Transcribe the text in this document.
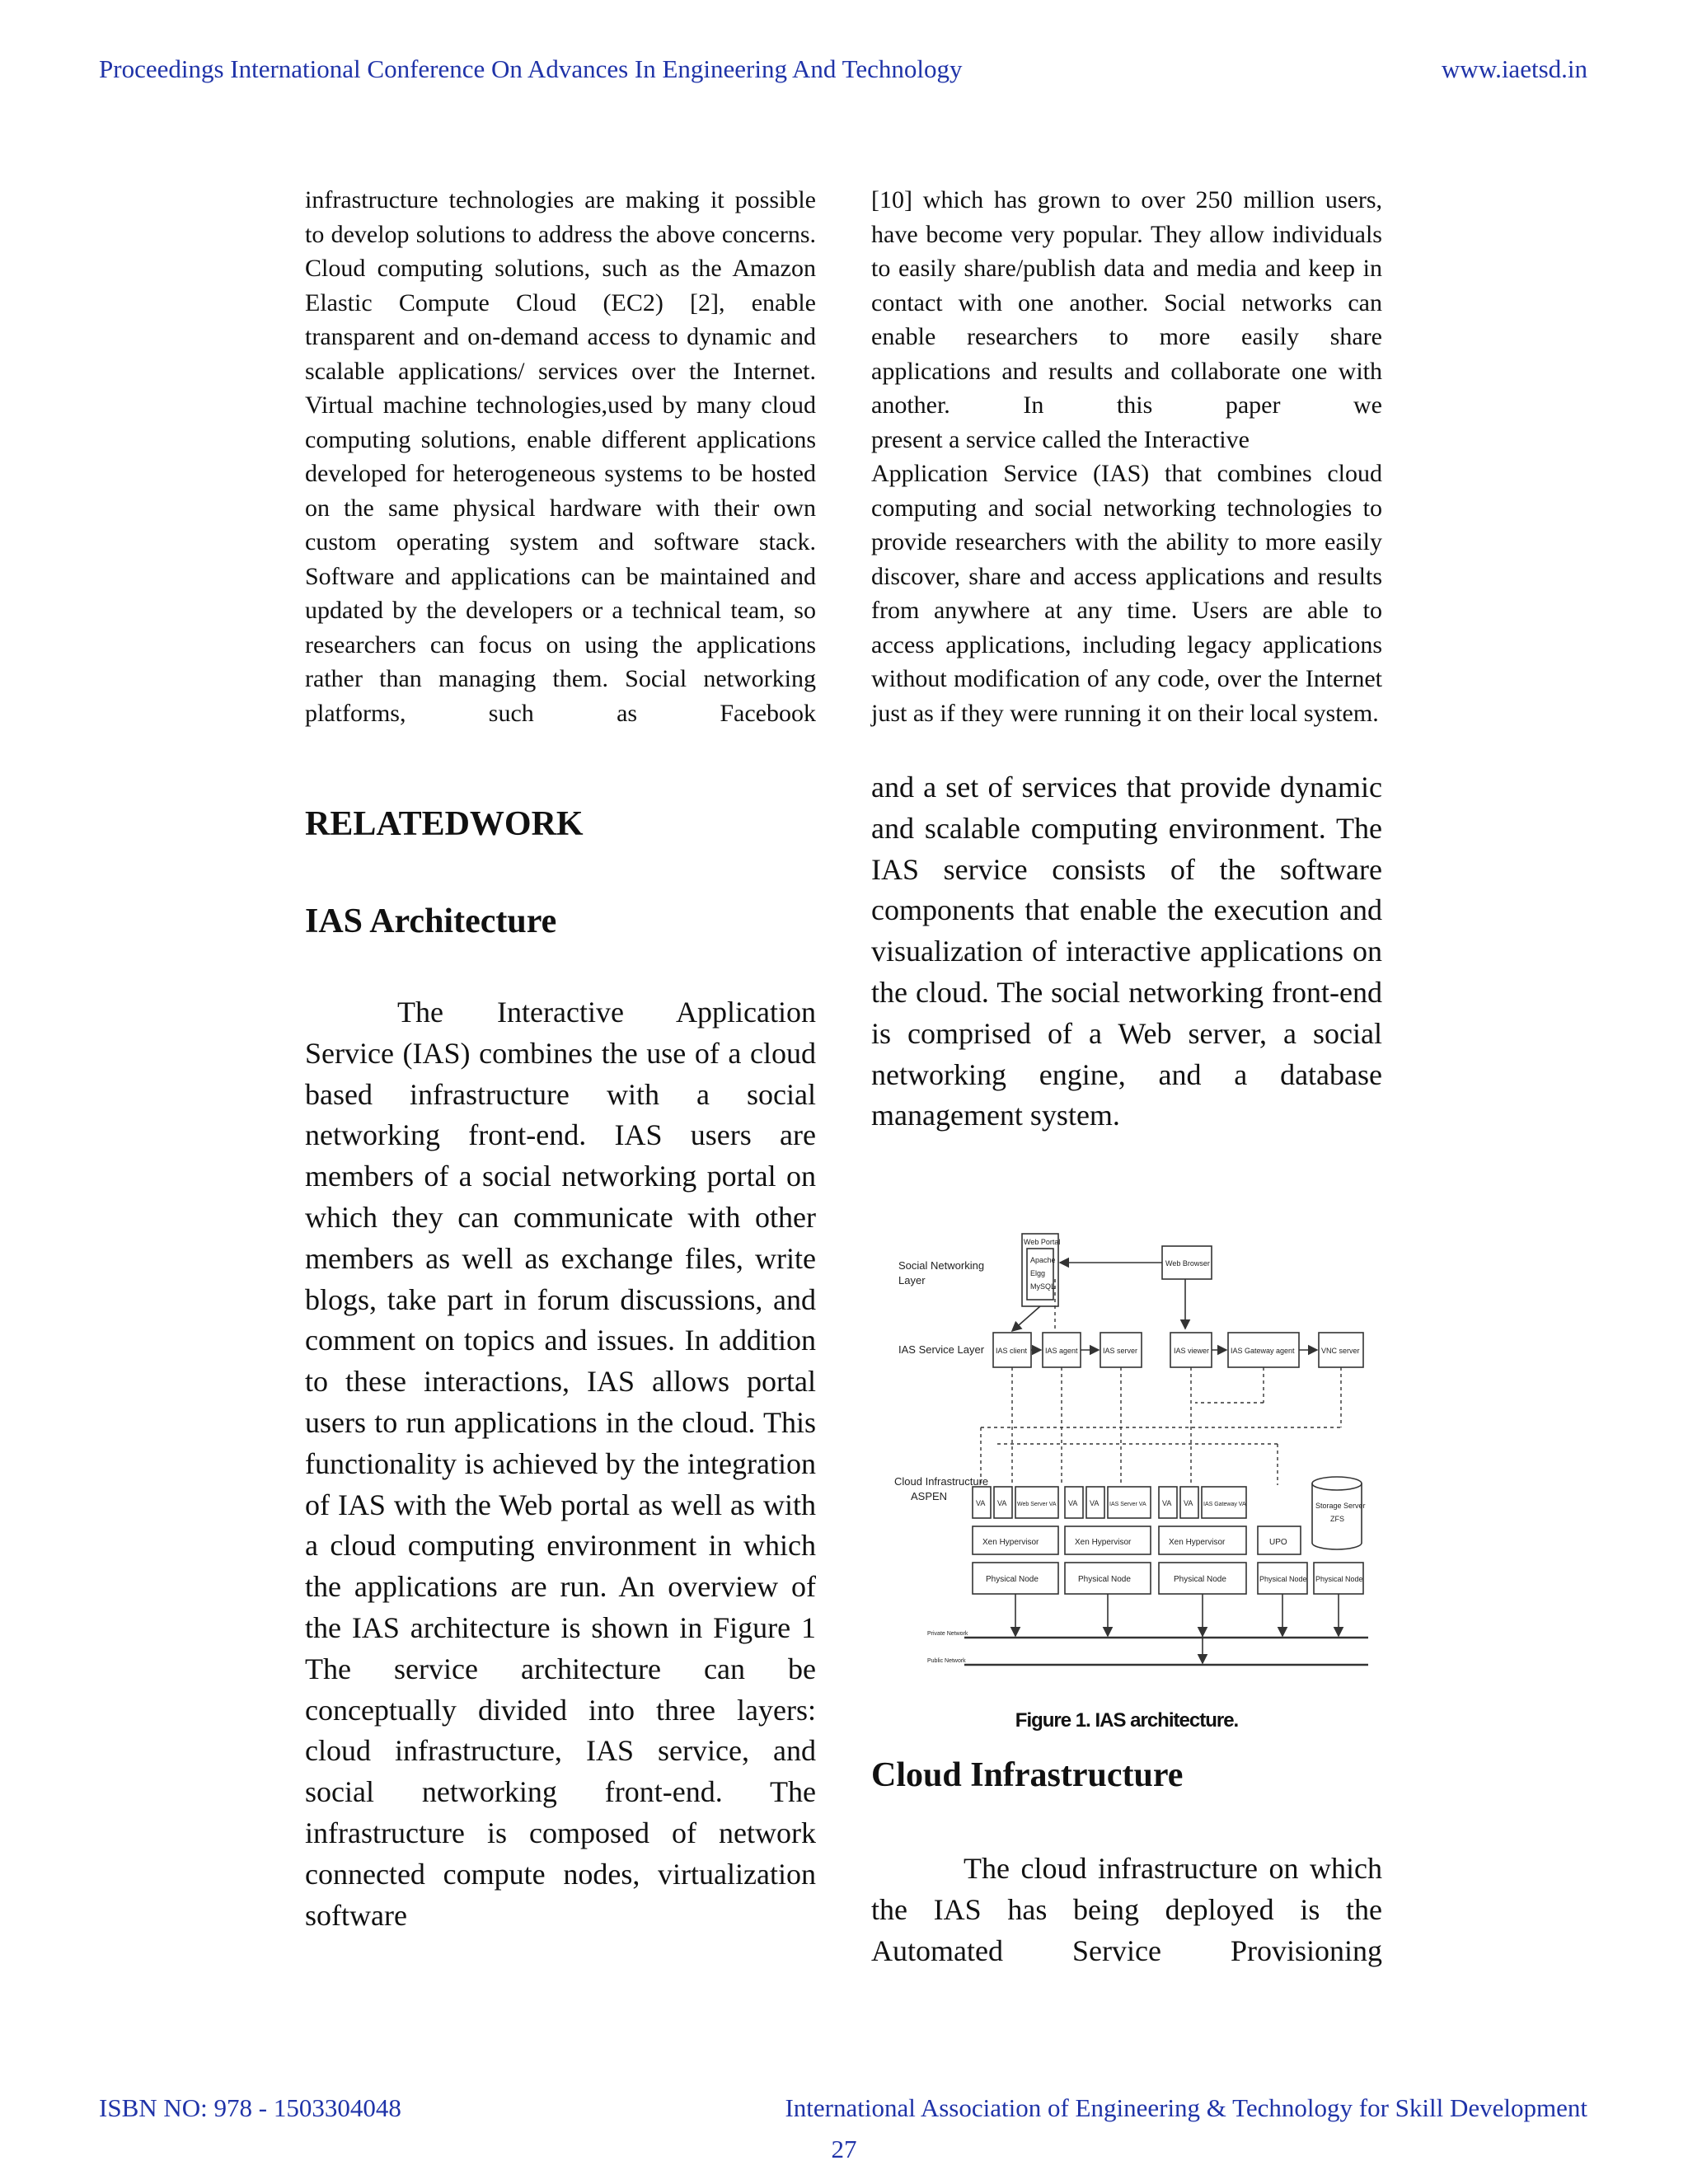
Proceedings International Conference On Advances In Engineering And Technology	www.iaetsd.in
infrastructure technologies are making it possible to develop solutions to address the above concerns. Cloud computing solutions, such as the Amazon Elastic Compute Cloud (EC2) [2], enable transparent and on-demand access to dynamic and scalable applications/ services over the Internet. Virtual machine technologies,used by many cloud computing solutions, enable different applications developed for heterogeneous systems to be hosted on the same physical hardware with their own custom operating system and software stack. Software and applications can be maintained and updated by the developers or a technical team, so researchers can focus on using the applications rather than managing them. Social networking platforms, such as Facebook
[10] which has grown to over 250 million users, have become very popular. They allow individuals to easily share/publish data and media and keep in contact with one another. Social networks can enable researchers to more easily share applications and results and collaborate one with another. In this paper we
present a service called the Interactive
Application Service (IAS) that combines cloud computing and social networking technologies to provide researchers with the ability to more easily discover, share and access applications and results from anywhere at any time. Users are able to access applications, including legacy applications without modification of any code, over the Internet just as if they were running it on their local system.
RELATEDWORK
IAS Architecture
Cloud Infrastructure
The Interactive Application Service (IAS) combines the use of a cloud based infrastructure with a social networking front-end. IAS users are members of a social networking portal on which they can communicate with other members as well as exchange files, write blogs, take part in forum discussions, and comment on topics and issues. In addition to these interactions, IAS allows portal users to run applications in the cloud. This functionality is achieved by the integration of IAS with the Web portal as well as with a cloud computing environment in which the applications are run. An overview of the IAS architecture is shown in Figure 1 The service architecture can be conceptually divided into three layers: cloud infrastructure, IAS service, and social networking front-end. The infrastructure is composed of network connected compute nodes, virtualization software
and a set of services that provide dynamic and scalable computing environment. The IAS service consists of the software components that enable the execution and visualization of interactive applications on the cloud. The social networking front-end is comprised of a Web server, a social networking engine, and a database management system.
The cloud infrastructure on which the IAS has being deployed is the Automated Service Provisioning
Social Networking
Layer
IAS Service Layer
Cloud Infrastructure
ASPEN
Web Portal
Apache
Elgg
MySQL
Web Browser
IAS client IAS agent	IAS server	IAS viewer	IAS Gateway agent	VNC server
VA VA	VA VA	VA VA
Web Server VA	IAS Server VA	IAS Gateway VA
Xen Hypervisor	Xen Hypervisor	Xen Hypervisor	UPO
Physical Node	Physical Node	Physical Node	Physical Node Physical Node
Storage Server
ZFS
Private Network
Public Network
Figure 1. IAS architecture.
ISBN NO: 978 - 1503304048	International Association of Engineering & Technology for Skill Development
27
